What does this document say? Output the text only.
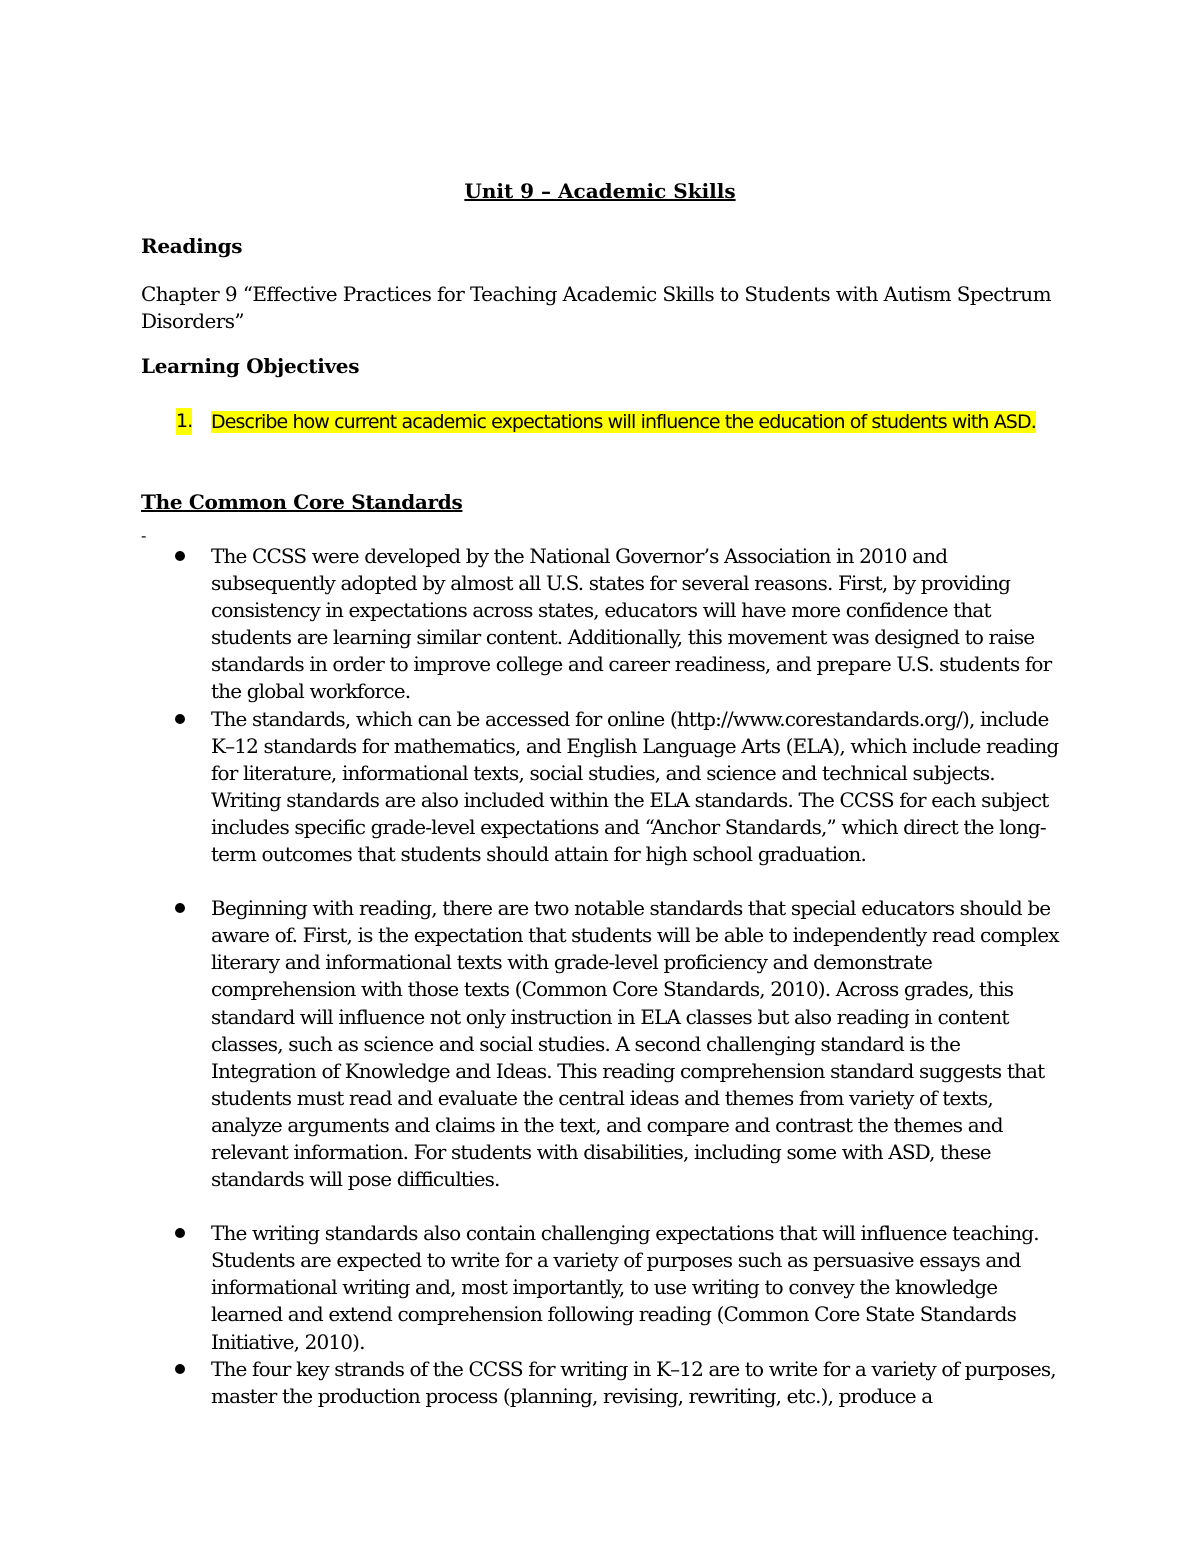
Unit 9 – Academic Skills
Readings

Chapter 9 “Effective Practices for Teaching Academic Skills to Students with Autism Spectrum Disorders”

Learning Objectives
1. Describe how current academic expectations will influence the education of students with ASD.
The Common Core Standards

-

The CCSS were developed by the National Governor’s Association in 2010 and subsequently adopted by almost all U.S. states for several reasons. First, by providing consistency in expectations across states, educators will have more confidence that students are learning similar content. Additionally, this movement was designed to raise standards in order to improve college and career readiness, and prepare U.S. students for the global workforce.
The standards, which can be accessed for online (http://www.corestandards.org/), include K–12 standards for mathematics, and English Language Arts (ELA), which include reading for literature, informational texts, social studies, and science and technical subjects. Writing standards are also included within the ELA standards. The CCSS for each subject includes specific grade-level expectations and “Anchor Standards,” which direct the long-term outcomes that students should attain for high school graduation.
Beginning with reading, there are two notable standards that special educators should be aware of. First, is the expectation that students will be able to independently read complex literary and informational texts with grade-level proficiency and demonstrate comprehension with those texts (Common Core Standards, 2010). Across grades, this standard will influence not only instruction in ELA classes but also reading in content classes, such as science and social studies. A second challenging standard is the Integration of Knowledge and Ideas. This reading comprehension standard suggests that students must read and evaluate the central ideas and themes from variety of texts, analyze arguments and claims in the text, and compare and contrast the themes and relevant information. For students with disabilities, including some with ASD, these standards will pose difficulties.
The writing standards also contain challenging expectations that will influence teaching. Students are expected to write for a variety of purposes such as persuasive essays and informational writing and, most importantly, to use writing to convey the knowledge learned and extend comprehension following reading (Common Core State Standards Initiative, 2010).
The four key strands of the CCSS for writing in K–12 are to write for a variety of purposes, master the production process (planning, revising, rewriting, etc.), produce a
